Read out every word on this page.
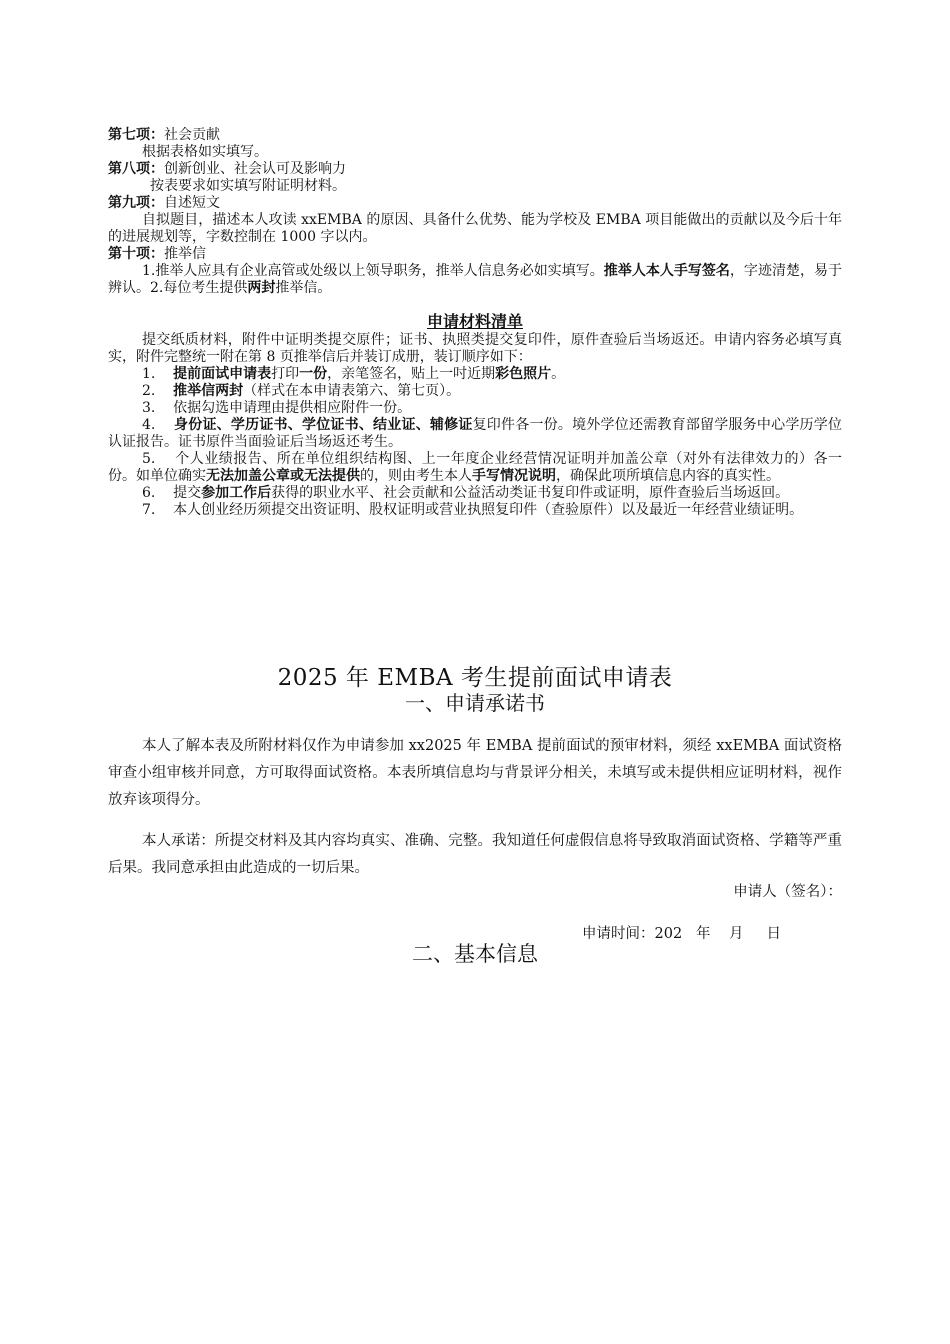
第七项：社会贡献
根据表格如实填写。
第八项：创新创业、社会认可及影响力
按表要求如实填写附证明材料。
第九项：自述短文
自拟题目，描述本人攻读 xxEMBA 的原因、具备什么优势、能为学校及 EMBA 项目能做出的贡献以及今后十年的进展规划等，字数控制在 1000 字以内。
第十项：推举信
1.推举人应具有企业高管或处级以上领导职务，推举人信息务必如实填写。推举人本人手写签名，字迹清楚，易于辨认。2.每位考生提供两封推举信。
申请材料清单
提交纸质材料，附件中证明类提交原件；证书、执照类提交复印件，原件查验后当场返还。申请内容务必填写真实，附件完整统一附在第 8 页推举信后并装订成册，装订顺序如下：
1. 提前面试申请表打印一份，亲笔签名，贴上一吋近期彩色照片。
2. 推举信两封（样式在本申请表第六、第七页）。
3. 依据勾选申请理由提供相应附件一份。
4. 身份证、学历证书、学位证书、结业证、辅修证复印件各一份。境外学位还需教育部留学服务中心学历学位认证报告。证书原件当面验证后当场返还考生。
5. 个人业绩报告、所在单位组织结构图、上一年度企业经营情况证明并加盖公章（对外有法律效力的）各一份。如单位确实无法加盖公章或无法提供的，则由考生本人手写情况说明，确保此项所填信息内容的真实性。
6. 提交参加工作后获得的职业水平、社会贡献和公益活动类证书复印件或证明，原件查验后当场返回。
7. 本人创业经历须提交出资证明、股权证明或营业执照复印件（查验原件）以及最近一年经营业绩证明。
2025 年 EMBA 考生提前面试申请表
一、申请承诺书
本人了解本表及所附材料仅作为申请参加 xx2025 年 EMBA 提前面试的预审材料，须经 xxEMBA 面试资格审查小组审核并同意，方可取得面试资格。本表所填信息均与背景评分相关，未填写或未提供相应证明材料，视作放弃该项得分。
本人承诺：所提交材料及其内容均真实、准确、完整。我知道任何虚假信息将导致取消面试资格、学籍等严重后果。我同意承担由此造成的一切后果。
申请人（签名）：
申请时间：202   年    月     日
二、基本信息
